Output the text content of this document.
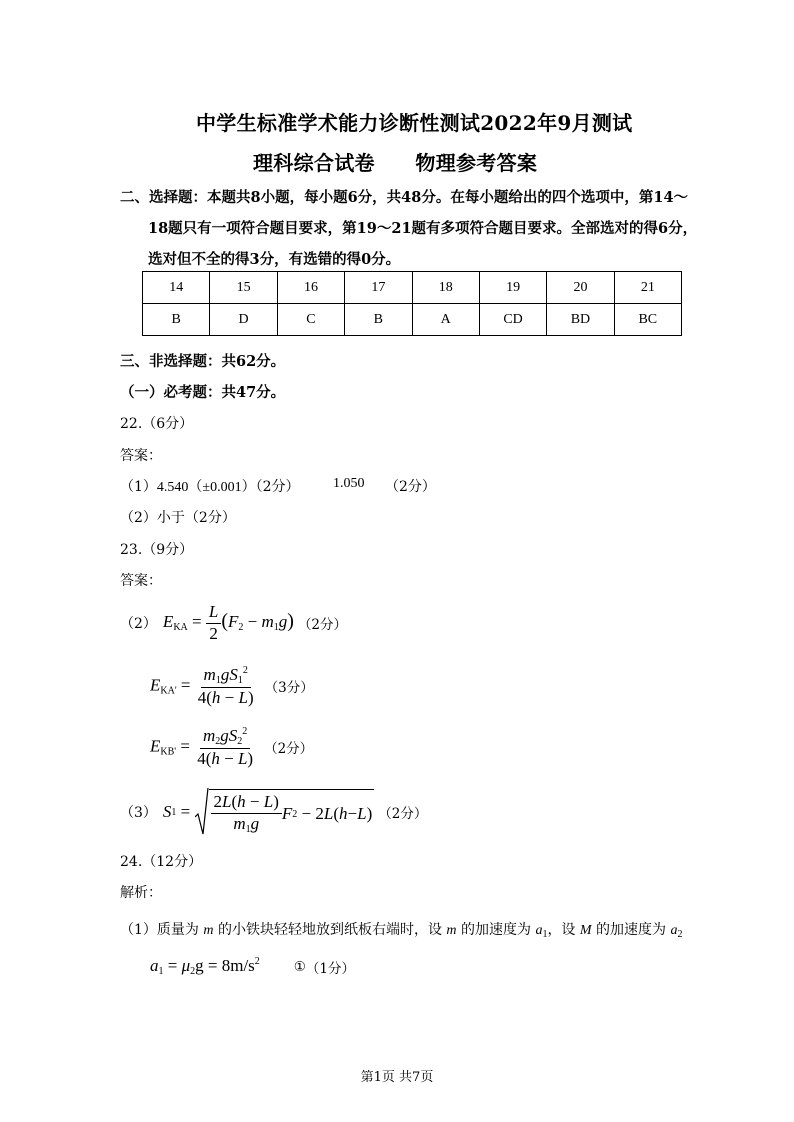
中学生标准学术能力诊断性测试2022年9月测试
理科综合试卷　　物理参考答案
二、选择题：本题共8小题，每小题6分，共48分。在每小题给出的四个选项中，第14～
18题只有一项符合题目要求，第19～21题有多项符合题目要求。全部选对的得6分，
选对但不全的得3分，有选错的得0分。
14	15	16	17	18	19	20	21
B	D	C	B	A	CD	BD	BC
三、非选择题：共62分。
（一）必考题：共47分。
22.（6分）
答案：
（1）4.540（±0.001）（2分） 1.050 （2分）
（2）小于（2分）
23.（9分）
答案：
（2） $E_{KA} = \frac{L}{2} (F_2 - m_1g)$ （2分）
$E_{KA'} = \frac{m_1gS_1^2}{4(h - L)} (3$分）
$E_{KB'} = \frac{m_2gS_2^2}{4(h - L)} (2$分）
（3） S $1 = \frac{2L(h - L)}{m_1g}$ F 2 − 2 L ( h − L ) （2分）
24.（12分）
解析：
（1）质量为 m 的小铁块轻轻地放到纸板右端时，设 m 的加速度为 $a_1$，设 M 的加速度为 $a_2$
$a_1 = \mu_2g = 8m/s^2$	① （1分）
第1页 共7页
